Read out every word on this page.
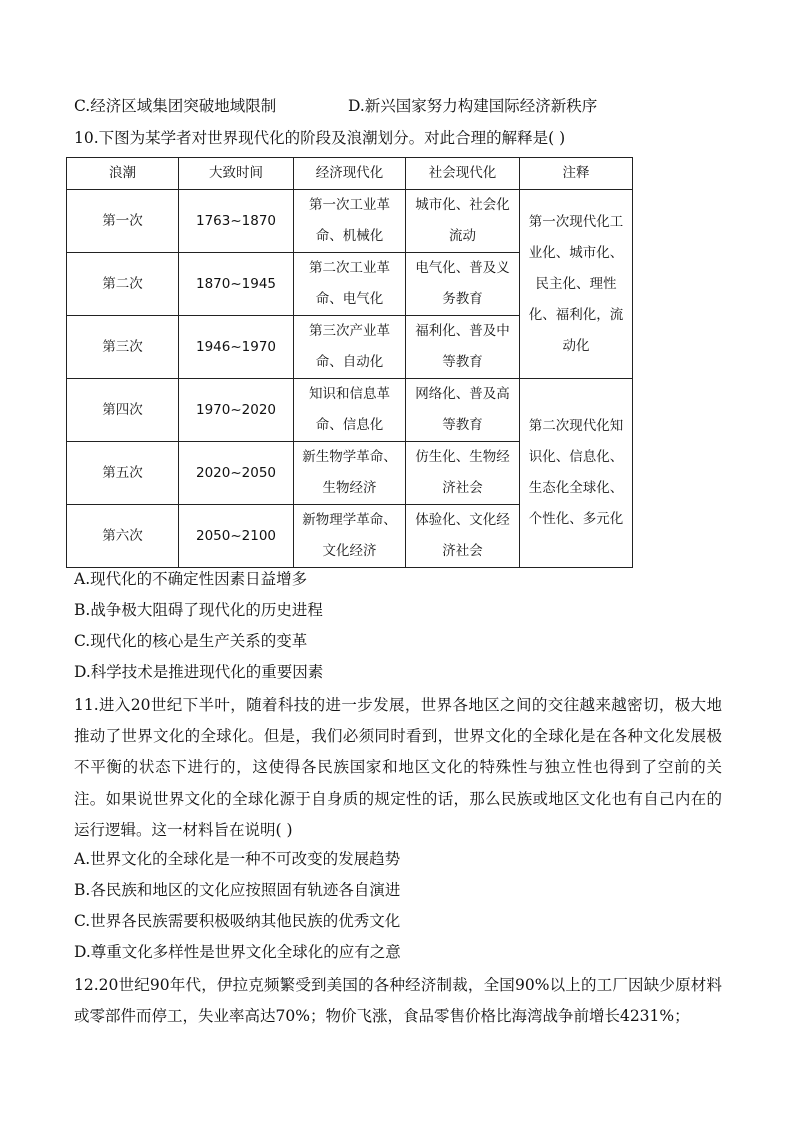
C.经济区域集团突破地域限制	D.新兴国家努力构建国际经济新秩序
10.下图为某学者对世界现代化的阶段及浪潮划分。对此合理的解释是( )
浪潮	大致时间	经济现代化	社会现代化	注释
第一次	1763~1870	第一次工业革命、机械化	城市化、社会化流动	第一次现代化工业化、城市化、民主化、理性化、福利化，流动化
第二次	1870~1945	第二次工业革命、电气化	电气化、普及义务教育	
第三次	1946~1970	第三次产业革命、自动化	福利化、普及中等教育	
第四次	1970~2020	知识和信息革命、信息化	网络化、普及高等教育	第二次现代化知识化、信息化、生态化全球化、个性化、多元化
第五次	2020~2050	新生物学革命、生物经济	仿生化、生物经济社会	
第六次	2050~2100	新物理学革命、文化经济	体验化、文化经济社会	
A.现代化的不确定性因素日益增多
B.战争极大阻碍了现代化的历史进程
C.现代化的核心是生产关系的变革
D.科学技术是推进现代化的重要因素
11.进入20世纪下半叶，随着科技的进一步发展，世界各地区之间的交往越来越密切，极大地推动了世界文化的全球化。但是，我们必须同时看到，世界文化的全球化是在各种文化发展极不平衡的状态下进行的，这使得各民族国家和地区文化的特殊性与独立性也得到了空前的关注。如果说世界文化的全球化源于自身质的规定性的话，那么民族或地区文化也有自己内在的运行逻辑。这一材料旨在说明( )
A.世界文化的全球化是一种不可改变的发展趋势
B.各民族和地区的文化应按照固有轨迹各自演进
C.世界各民族需要积极吸纳其他民族的优秀文化
D.尊重文化多样性是世界文化全球化的应有之意
12.20世纪90年代，伊拉克频繁受到美国的各种经济制裁，全国90%以上的工厂因缺少原材料或零部件而停工，失业率高达70%；物价飞涨，食品零售价格比海湾战争前增长4231%；
